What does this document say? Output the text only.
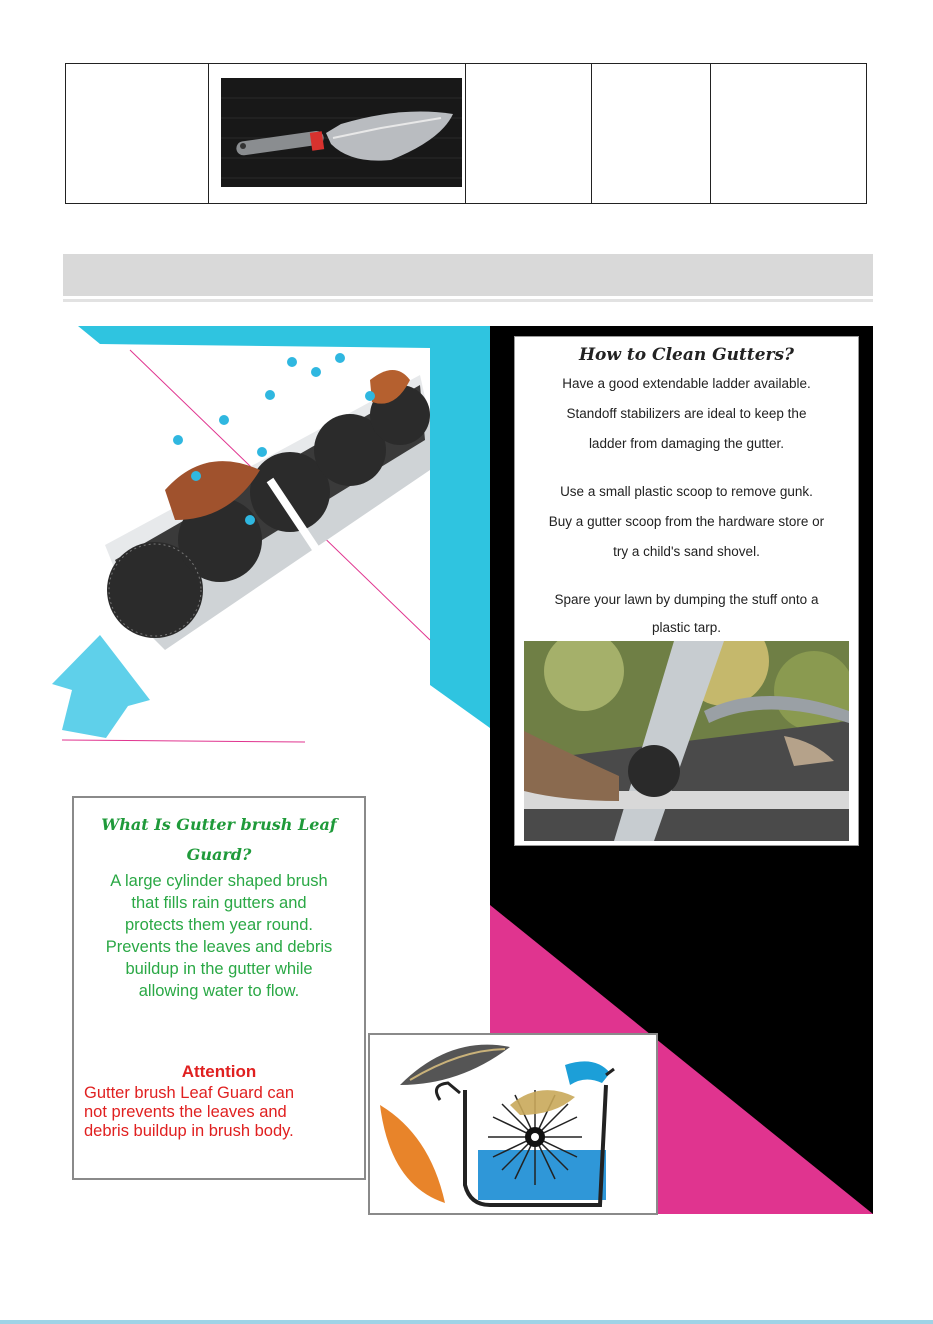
How to Clean Gutters?
Have a good extendable ladder available.
Standoff stabilizers are ideal to keep the
ladder from damaging the gutter.
Use a small plastic scoop to remove gunk.
Buy a gutter scoop from the hardware store or
try a child's sand shovel.
Spare your lawn by dumping the stuff onto a
plastic tarp.
What Is Gutter brush Leaf
Guard?
A large cylinder shaped brush
that fills rain gutters and
protects them year round.
Prevents the leaves and debris
buildup in the gutter while
allowing water to flow.
Attention
Gutter brush Leaf Guard can
not prevents the leaves and
debris buildup in brush body.
